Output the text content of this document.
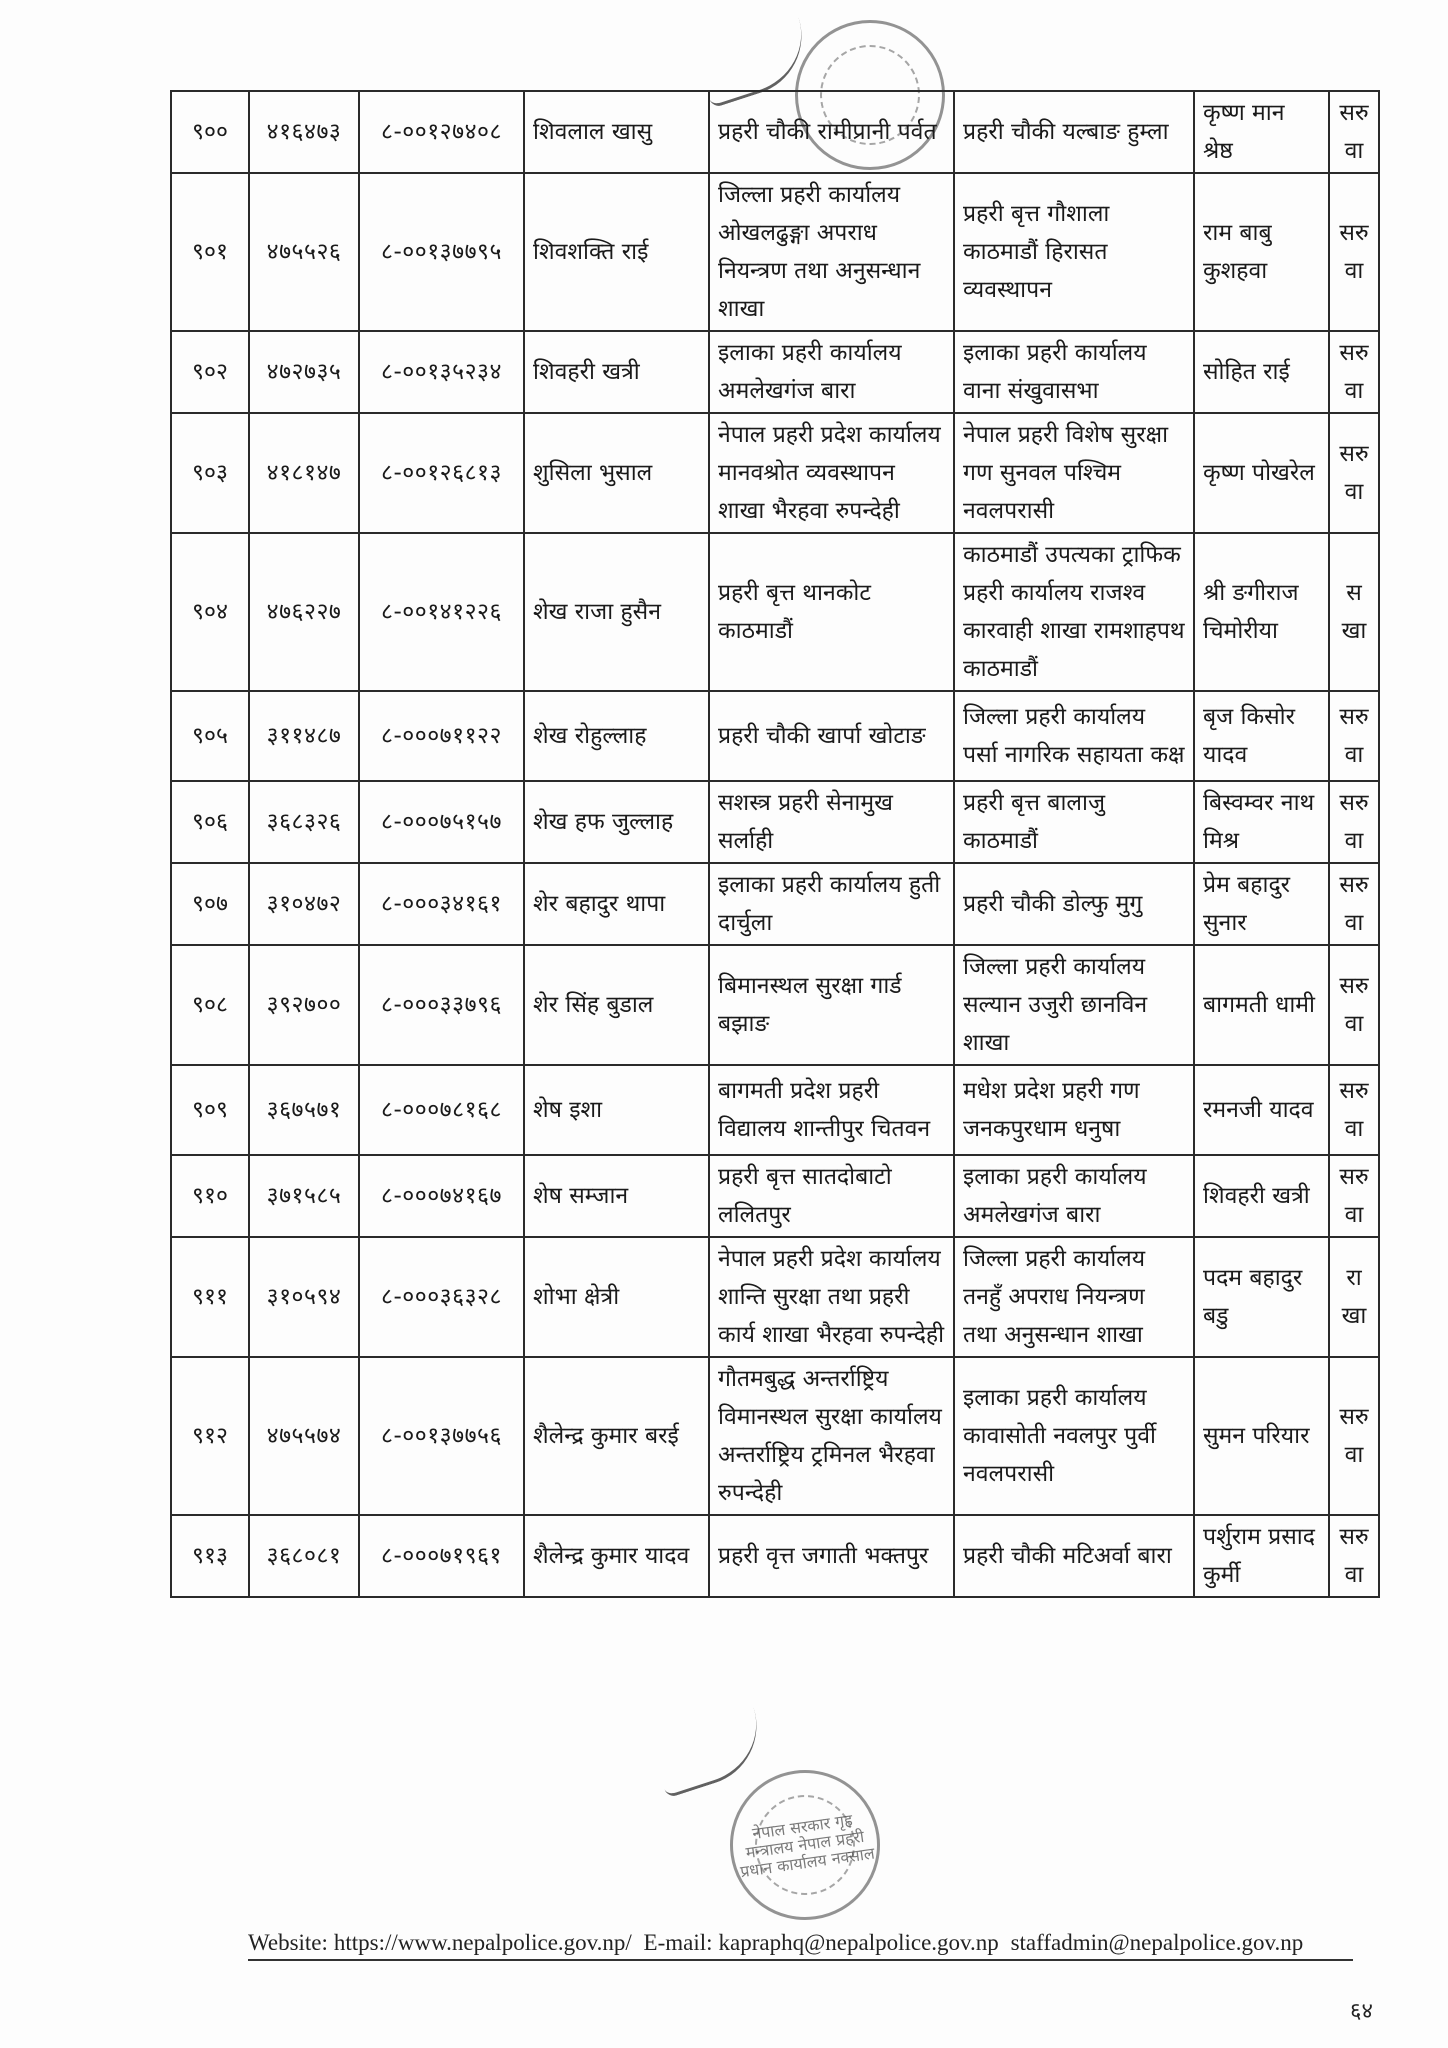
९००	४१६४७३	८-००१२७४०८	शिवलाल खासु	प्रहरी चौकी रामीप्रानी पर्वत	प्रहरी चौकी यल्बाङ हुम्ला	कृष्ण मान श्रेष्ठ	सरुवा
९०१	४७५५२६	८-००१३७७९५	शिवशक्ति राई	जिल्ला प्रहरी कार्यालय ओखलढुङ्गा अपराध नियन्त्रण तथा अनुसन्धान शाखा	प्रहरी बृत्त गौशाला काठमाडौं हिरासत व्यवस्थापन	राम बाबु कुशहवा	सरुवा
९०२	४७२७३५	८-००१३५२३४	शिवहरी खत्री	इलाका प्रहरी कार्यालय अमलेखगंज बारा	इलाका प्रहरी कार्यालय वाना संखुवासभा	सोहित राई	सरुवा
९०३	४१८१४७	८-००१२६८१३	शुसिला भुसाल	नेपाल प्रहरी प्रदेश कार्यालय मानवश्रोत व्यवस्थापन शाखा भैरहवा रुपन्देही	नेपाल प्रहरी विशेष सुरक्षा गण सुनवल पश्चिम नवलपरासी	कृष्ण पोखरेल	सरुवा
९०४	४७६२२७	८-००१४१२२६	शेख राजा हुसैन	प्रहरी बृत्त थानकोट काठमाडौं	काठमाडौं उपत्यका ट्राफिक प्रहरी कार्यालय राजश्व कारवाही शाखा रामशाहपथ काठमाडौं	श्री ङगीराज चिमोरीया	सखा
९०५	३११४८७	८-०००७११२२	शेख रोहुल्लाह	प्रहरी चौकी खार्पा खोटाङ	जिल्ला प्रहरी कार्यालय पर्सा नागरिक सहायता कक्ष	बृज किसोर यादव	सरुवा
९०६	३६८३२६	८-०००७५१५७	शेख हफ जुल्लाह	सशस्त्र प्रहरी सेनामुख सर्लाही	प्रहरी बृत्त बालाजु काठमाडौं	बिस्वम्वर नाथ मिश्र	सरुवा
९०७	३१०४७२	८-०००३४१६१	शेर बहादुर थापा	इलाका प्रहरी कार्यालय हुती दार्चुला	प्रहरी चौकी डोल्फु मुगु	प्रेम बहादुर सुनार	सरुवा
९०८	३९२७००	८-०००३३७९६	शेर सिंह बुडाल	बिमानस्थल सुरक्षा गार्ड बझाङ	जिल्ला प्रहरी कार्यालय सल्यान उजुरी छानविन शाखा	बागमती धामी	सरुवा
९०९	३६७५७१	८-०००७८१६८	शेष इशा	बागमती प्रदेश प्रहरी विद्यालय शान्तीपुर चितवन	मधेश प्रदेश प्रहरी गण जनकपुरधाम धनुषा	रमनजी यादव	सरुवा
९१०	३७१५८५	८-०००७४१६७	शेष सम्जान	प्रहरी बृत्त सातदोबाटो ललितपुर	इलाका प्रहरी कार्यालय अमलेखगंज बारा	शिवहरी खत्री	सरुवा
९११	३१०५९४	८-०००३६३२८	शोभा क्षेत्री	नेपाल प्रहरी प्रदेश कार्यालय शान्ति सुरक्षा तथा प्रहरी कार्य शाखा भैरहवा रुपन्देही	जिल्ला प्रहरी कार्यालय तनहुँ अपराध नियन्त्रण तथा अनुसन्धान शाखा	पदम बहादुर बडु	राखा
९१२	४७५५७४	८-००१३७७५६	शैलेन्द्र कुमार बरई	गौतमबुद्ध अन्तर्राष्ट्रिय विमानस्थल सुरक्षा कार्यालय अन्तर्राष्ट्रिय ट्रमिनल भैरहवा रुपन्देही	इलाका प्रहरी कार्यालय कावासोती नवलपुर पुर्वी नवलपरासी	सुमन परियार	सरुवा
९१३	३६८०८१	८-०००७१९६१	शैलेन्द्र कुमार यादव	प्रहरी वृत्त जगाती भक्तपुर	प्रहरी चौकी मटिअर्वा बारा	पर्शुराम प्रसाद कुर्मी	सरुवा
नेपाल सरकार गृह मन्त्रालय नेपाल प्रहरी प्रधान कार्यालय नक्साल
Website: https://www.nepalpolice.gov.np/ E-mail: kapraphq@nepalpolice.gov.np staffadmin@nepalpolice.gov.np
६४
